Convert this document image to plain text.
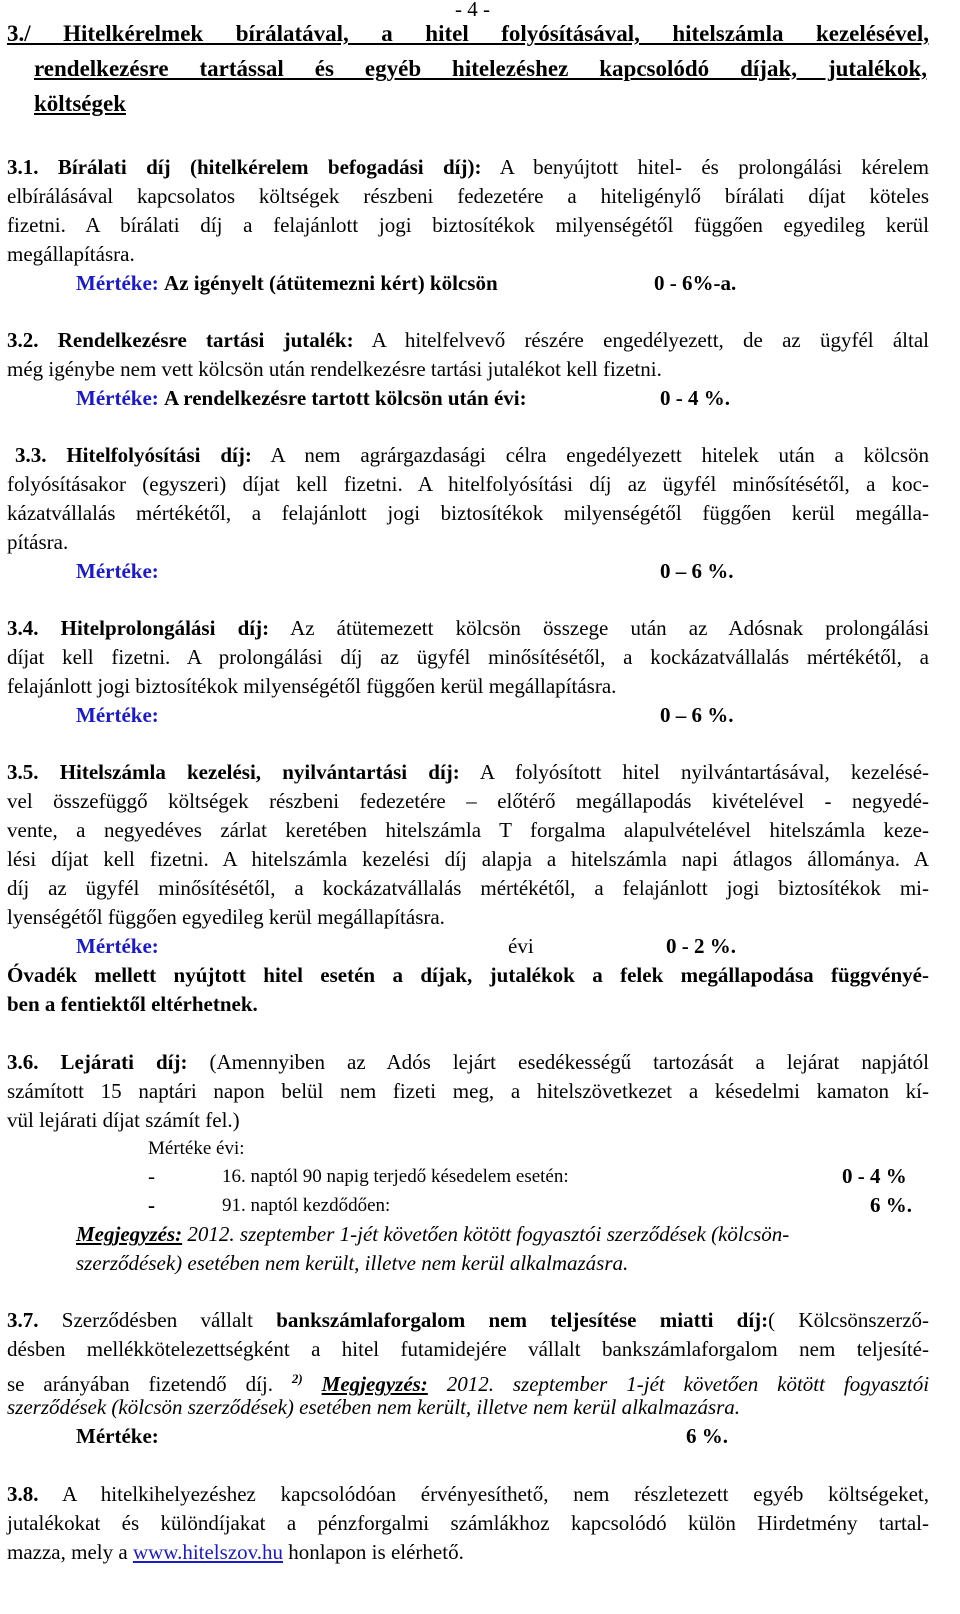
- 4 -
3./ Hitelkérelmek bírálatával, a hitel folyósításával, hitelszámla kezelésével,
rendelkezésre tartással és egyéb hitelezéshez kapcsolódó díjak, jutalékok,
költségek
3.1. Bírálati díj (hitelkérelem befogadási díj): A benyújtott hitel- és prolongálási kérelem
elbírálásával kapcsolatos költségek részbeni fedezetére a hiteligénylő bírálati díjat köteles
fizetni. A bírálati díj a felajánlott jogi biztosítékok milyenségétől függően egyedileg kerül
megállapításra.
Mértéke: Az igényelt (átütemezni kért) kölcsön	0 - 6%-a.
3.2. Rendelkezésre tartási jutalék: A hitelfelvevő részére engedélyezett, de az ügyfél által
még igénybe nem vett kölcsön után rendelkezésre tartási jutalékot kell fizetni.
Mértéke: A rendelkezésre tartott kölcsön után évi:	0 - 4 %.
3.3. Hitelfolyósítási díj: A nem agrárgazdasági célra engedélyezett hitelek után a kölcsön
folyósításakor (egyszeri) díjat kell fizetni. A hitelfolyósítási díj az ügyfél minősítésétől, a koc-
kázatvállalás mértékétől, a felajánlott jogi biztosítékok milyenségétől függően kerül megálla-
pításra.
Mértéke:	0 – 6 %.
3.4. Hitelprolongálási díj: Az átütemezett kölcsön összege után az Adósnak prolongálási
díjat kell fizetni. A prolongálási díj az ügyfél minősítésétől, a kockázatvállalás mértékétől, a
felajánlott jogi biztosítékok milyenségétől függően kerül megállapításra.
Mértéke:	0 – 6 %.
3.5. Hitelszámla kezelési, nyilvántartási díj: A folyósított hitel nyilvántartásával, kezelésé-
vel összefüggő költségek részbeni fedezetére – előtérő megállapodás kivételével - negyedé-
vente, a negyedéves zárlat keretében hitelszámla T forgalma alapulvételével hitelszámla keze-
lési díjat kell fizetni. A hitelszámla kezelési díj alapja a hitelszámla napi átlagos állománya. A
díj az ügyfél minősítésétől, a kockázatvállalás mértékétől, a felajánlott jogi biztosítékok mi-
lyenségétől függően egyedileg kerül megállapításra.
Mértéke:	évi	0 - 2 %.
Óvadék mellett nyújtott hitel esetén a díjak, jutalékok a felek megállapodása függvényé-
ben a fentiektől eltérhetnek.
3.6. Lejárati díj: (Amennyiben az Adós lejárt esedékességű tartozását a lejárat napjától
számított 15 naptári napon belül nem fizeti meg, a hitelszövetkezet a késedelmi kamaton kí-
vül lejárati díjat számít fel.)
Mértéke évi:
-	16. naptól 90 napig terjedő késedelem esetén:	0 - 4 %
-	91. naptól kezdődően:	6 %.
Megjegyzés: 2012. szeptember 1-jét követően kötött fogyasztói szerződések (kölcsön-
szerződések) esetében nem került, illetve nem kerül alkalmazásra.
3.7. Szerződésben vállalt bankszámlaforgalom nem teljesítése miatti díj:( Kölcsönszerző-
désben mellékkötelezettségként a hitel futamidejére vállalt bankszámlaforgalom nem teljesíté-
se arányában fizetendő díj. $^{2)}$ Megjegyzés: 2012. szeptember 1-jét követően kötött fogyasztói
szerződések (kölcsön szerződések) esetében nem került, illetve nem kerül alkalmazásra.
Mértéke:	6 %.
3.8. A hitelkihelyezéshez kapcsolódóan érvényesíthető, nem részletezett egyéb költségeket,
jutalékokat és különdíjakat a pénzforgalmi számlákhoz kapcsolódó külön Hirdetmény tartal-
mazza, mely a www.hitelszov.hu honlapon is elérhető.
